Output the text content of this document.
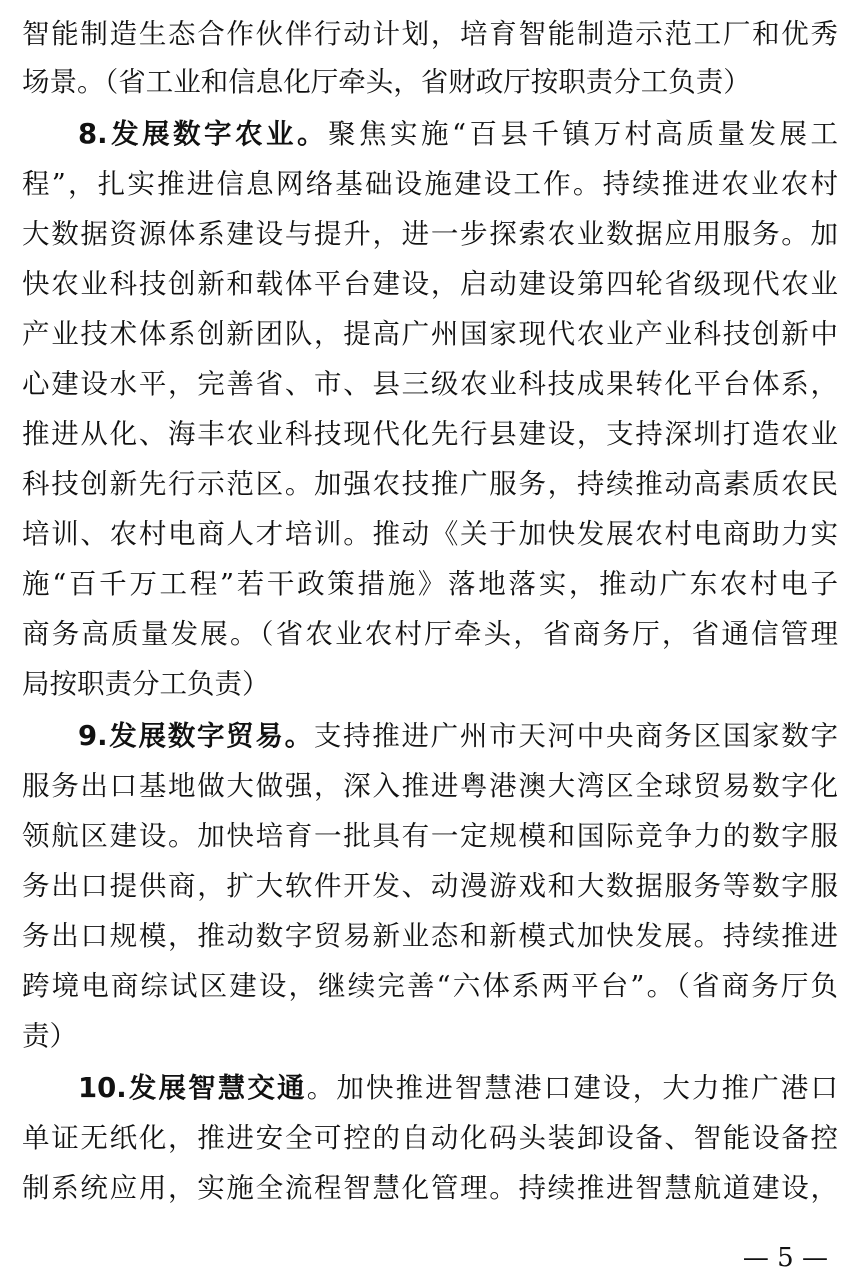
智能制造生态合作伙伴行动计划，培育智能制造示范工厂和优秀
场景。（省工业和信息化厅牵头，省财政厅按职责分工负责）
8.发展数字农业。聚焦实施“百县千镇万村高质量发展工
程”，扎实推进信息网络基础设施建设工作。持续推进农业农村
大数据资源体系建设与提升，进一步探索农业数据应用服务。加
快农业科技创新和载体平台建设，启动建设第四轮省级现代农业
产业技术体系创新团队，提高广州国家现代农业产业科技创新中
心建设水平，完善省、市、县三级农业科技成果转化平台体系，
推进从化、海丰农业科技现代化先行县建设，支持深圳打造农业
科技创新先行示范区。加强农技推广服务，持续推动高素质农民
培训、农村电商人才培训。推动《关于加快发展农村电商助力实
施“百千万工程”若干政策措施》落地落实，推动广东农村电子
商务高质量发展。（省农业农村厅牵头，省商务厅，省通信管理
局按职责分工负责）
9.发展数字贸易。支持推进广州市天河中央商务区国家数字
服务出口基地做大做强，深入推进粤港澳大湾区全球贸易数字化
领航区建设。加快培育一批具有一定规模和国际竞争力的数字服
务出口提供商，扩大软件开发、动漫游戏和大数据服务等数字服
务出口规模，推动数字贸易新业态和新模式加快发展。持续推进
跨境电商综试区建设，继续完善“六体系两平台”。（省商务厅负
责）
10.发展智慧交通。加快推进智慧港口建设，大力推广港口
单证无纸化，推进安全可控的自动化码头装卸设备、智能设备控
制系统应用，实施全流程智慧化管理。持续推进智慧航道建设，
— 5 —
